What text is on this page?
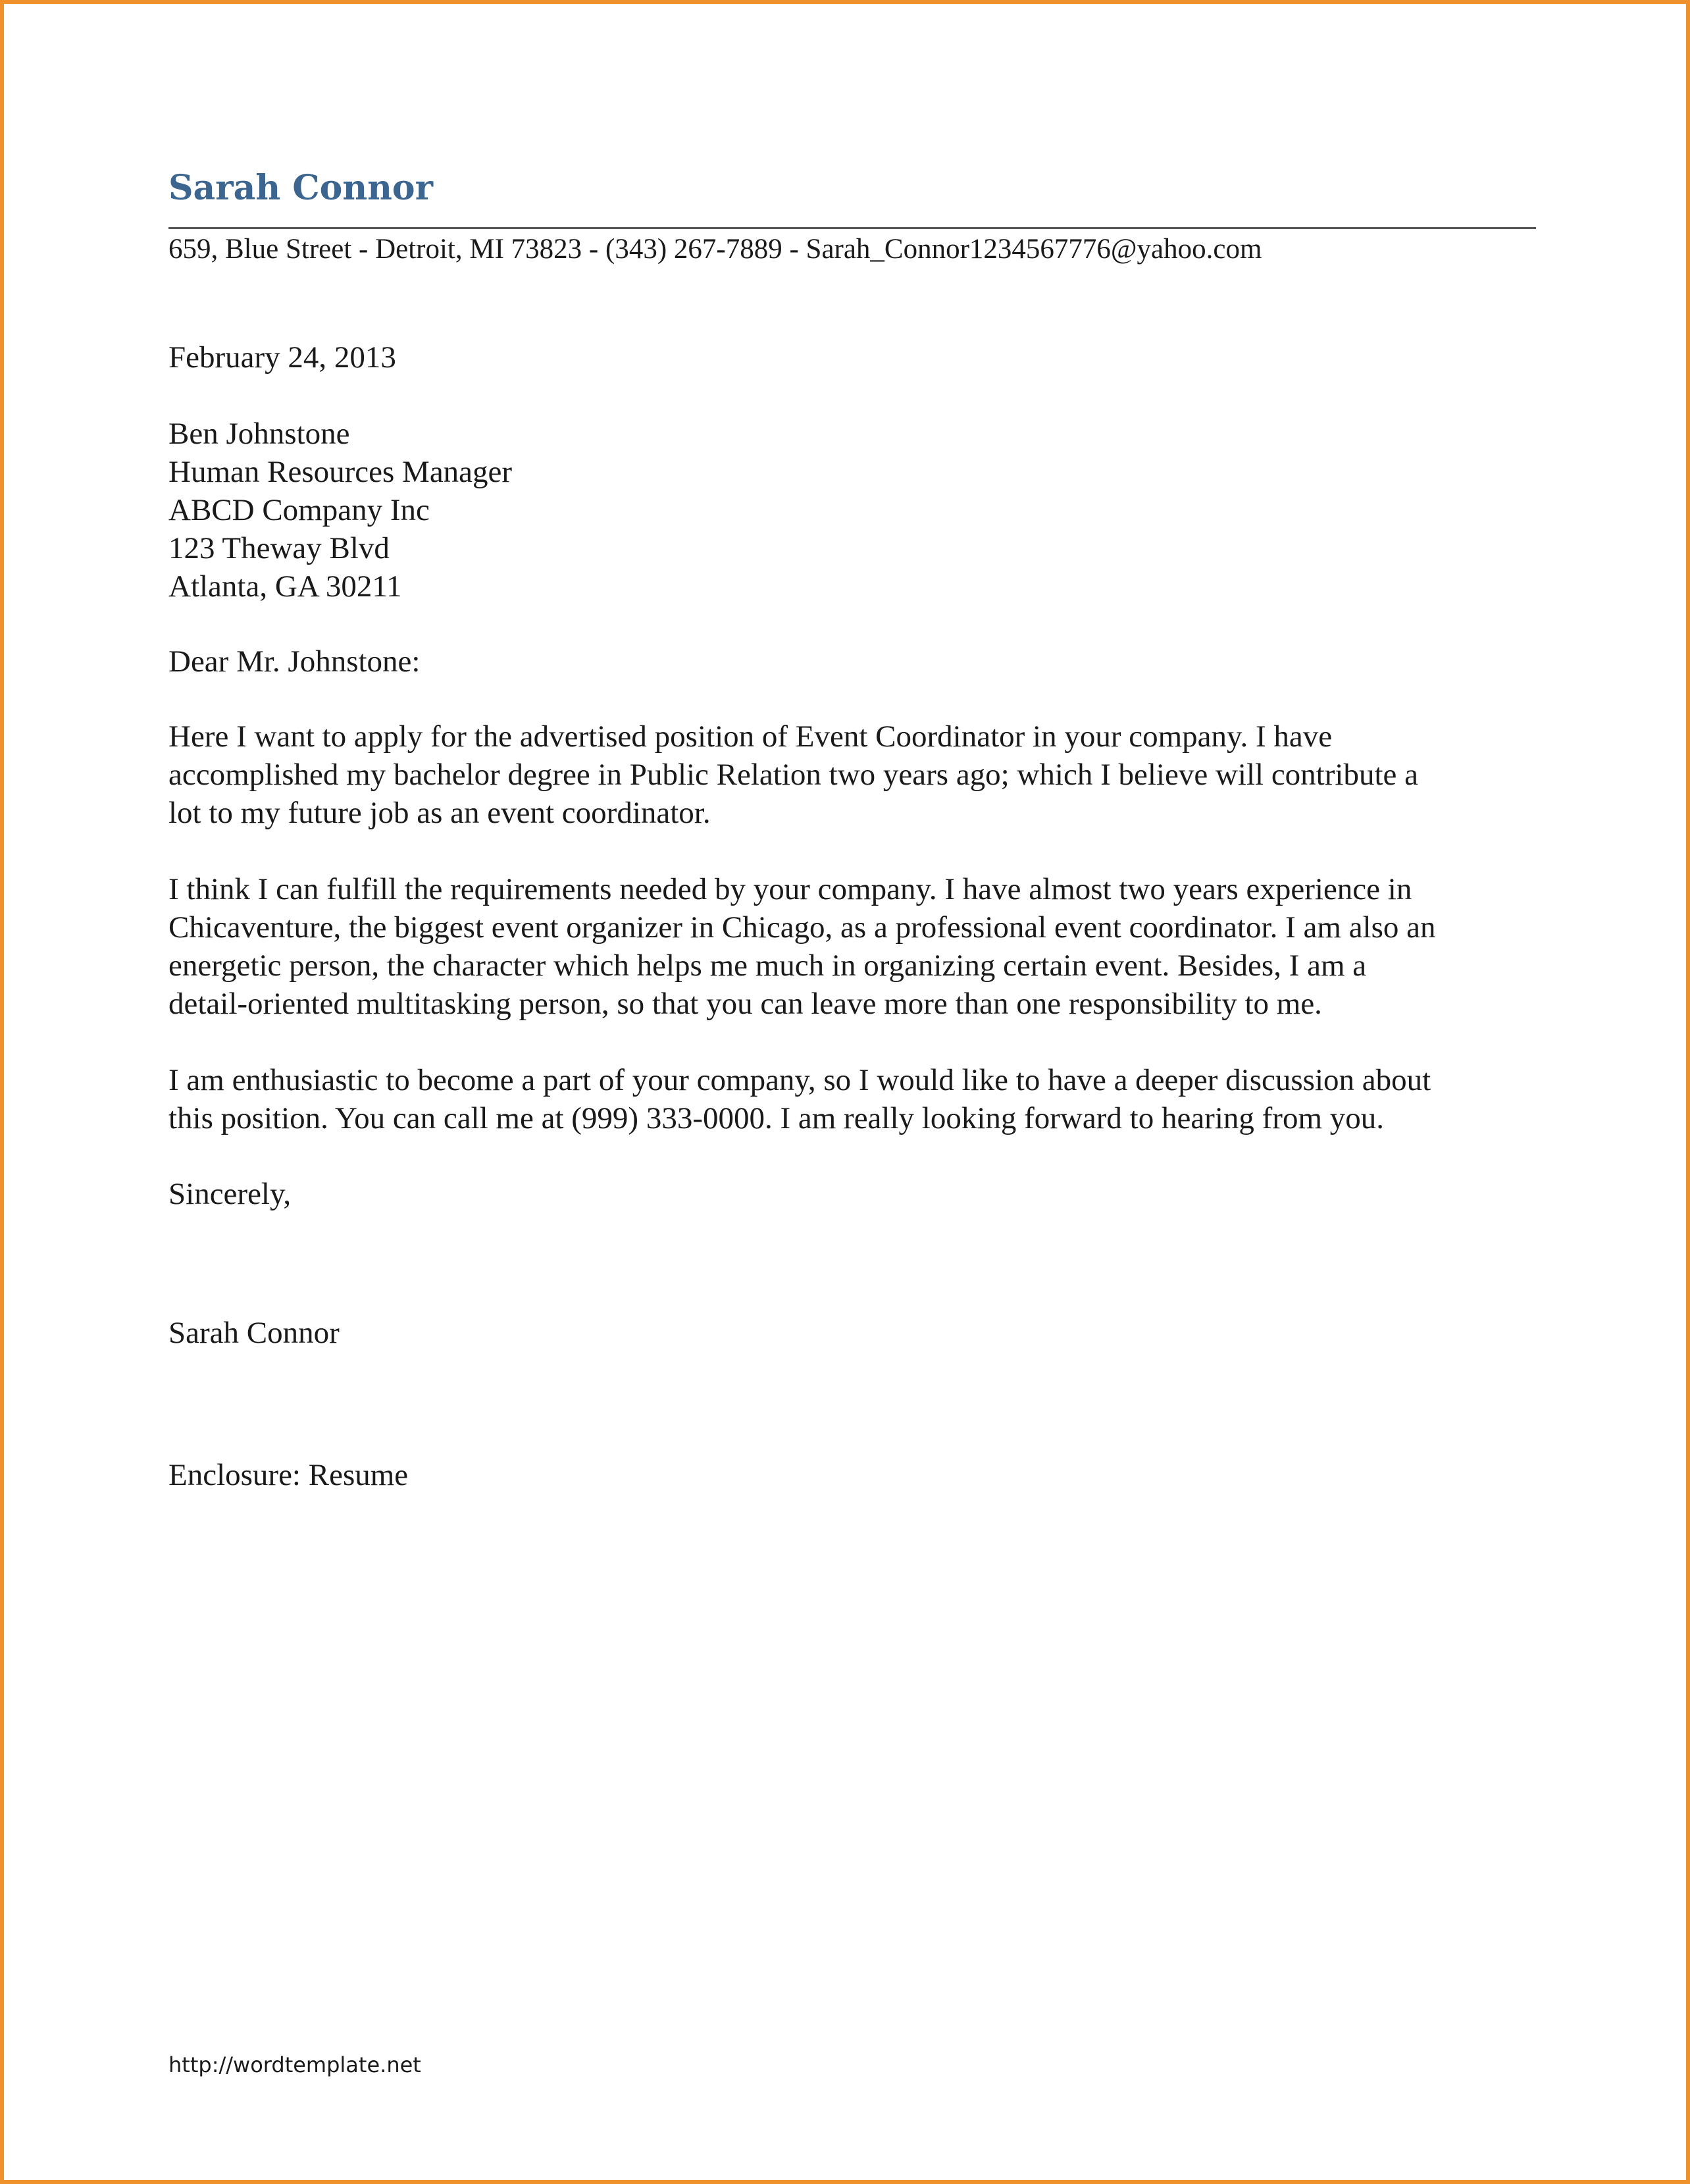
Sarah Connor
659, Blue Street - Detroit, MI 73823 - (343) 267-7889 - Sarah_Connor1234567776@yahoo.com
February 24, 2013
Ben Johnstone
Human Resources Manager
ABCD Company Inc
123 Theway Blvd
Atlanta, GA 30211
Dear Mr. Johnstone:
Here I want to apply for the advertised position of Event Coordinator in your company. I have
accomplished my bachelor degree in Public Relation two years ago; which I believe will contribute a
lot to my future job as an event coordinator.
I think I can fulfill the requirements needed by your company. I have almost two years experience in
Chicaventure, the biggest event organizer in Chicago, as a professional event coordinator. I am also an
energetic person, the character which helps me much in organizing certain event. Besides, I am a
detail-oriented multitasking person, so that you can leave more than one responsibility to me.
I am enthusiastic to become a part of your company, so I would like to have a deeper discussion about
this position. You can call me at (999) 333-0000. I am really looking forward to hearing from you.
Sincerely,
Sarah Connor
Enclosure: Resume
http://wordtemplate.net
